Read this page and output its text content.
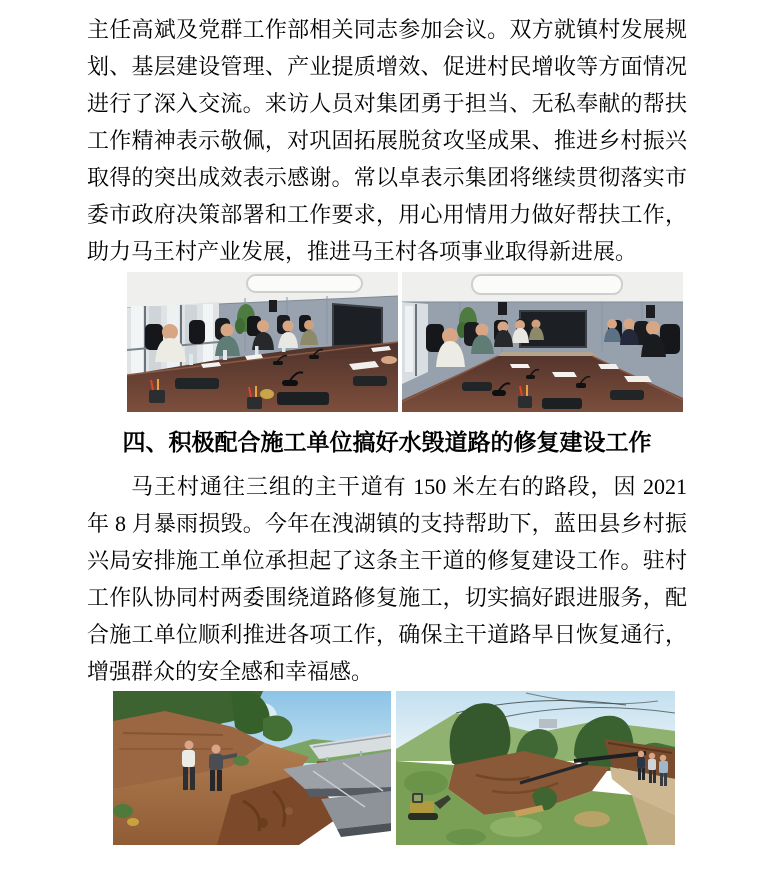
主任高斌及党群工作部相关同志参加会议。双方就镇村发展规划、基层建设管理、产业提质增效、促进村民增收等方面情况进行了深入交流。来访人员对集团勇于担当、无私奉献的帮扶工作精神表示敬佩，对巩固拓展脱贫攻坚成果、推进乡村振兴取得的突出成效表示感谢。常以卓表示集团将继续贯彻落实市委市政府决策部署和工作要求，用心用情用力做好帮扶工作，助力马王村产业发展，推进马王村各项事业取得新进展。
四、积极配合施工单位搞好水毁道路的修复建设工作
马王村通往三组的主干道有 150 米左右的路段，因 2021 年 8 月暴雨损毁。今年在洩湖镇的支持帮助下，蓝田县乡村振兴局安排施工单位承担起了这条主干道的修复建设工作。驻村工作队协同村两委围绕道路修复施工，切实搞好跟进服务，配合施工单位顺利推进各项工作，确保主干道路早日恢复通行，增强群众的安全感和幸福感。
